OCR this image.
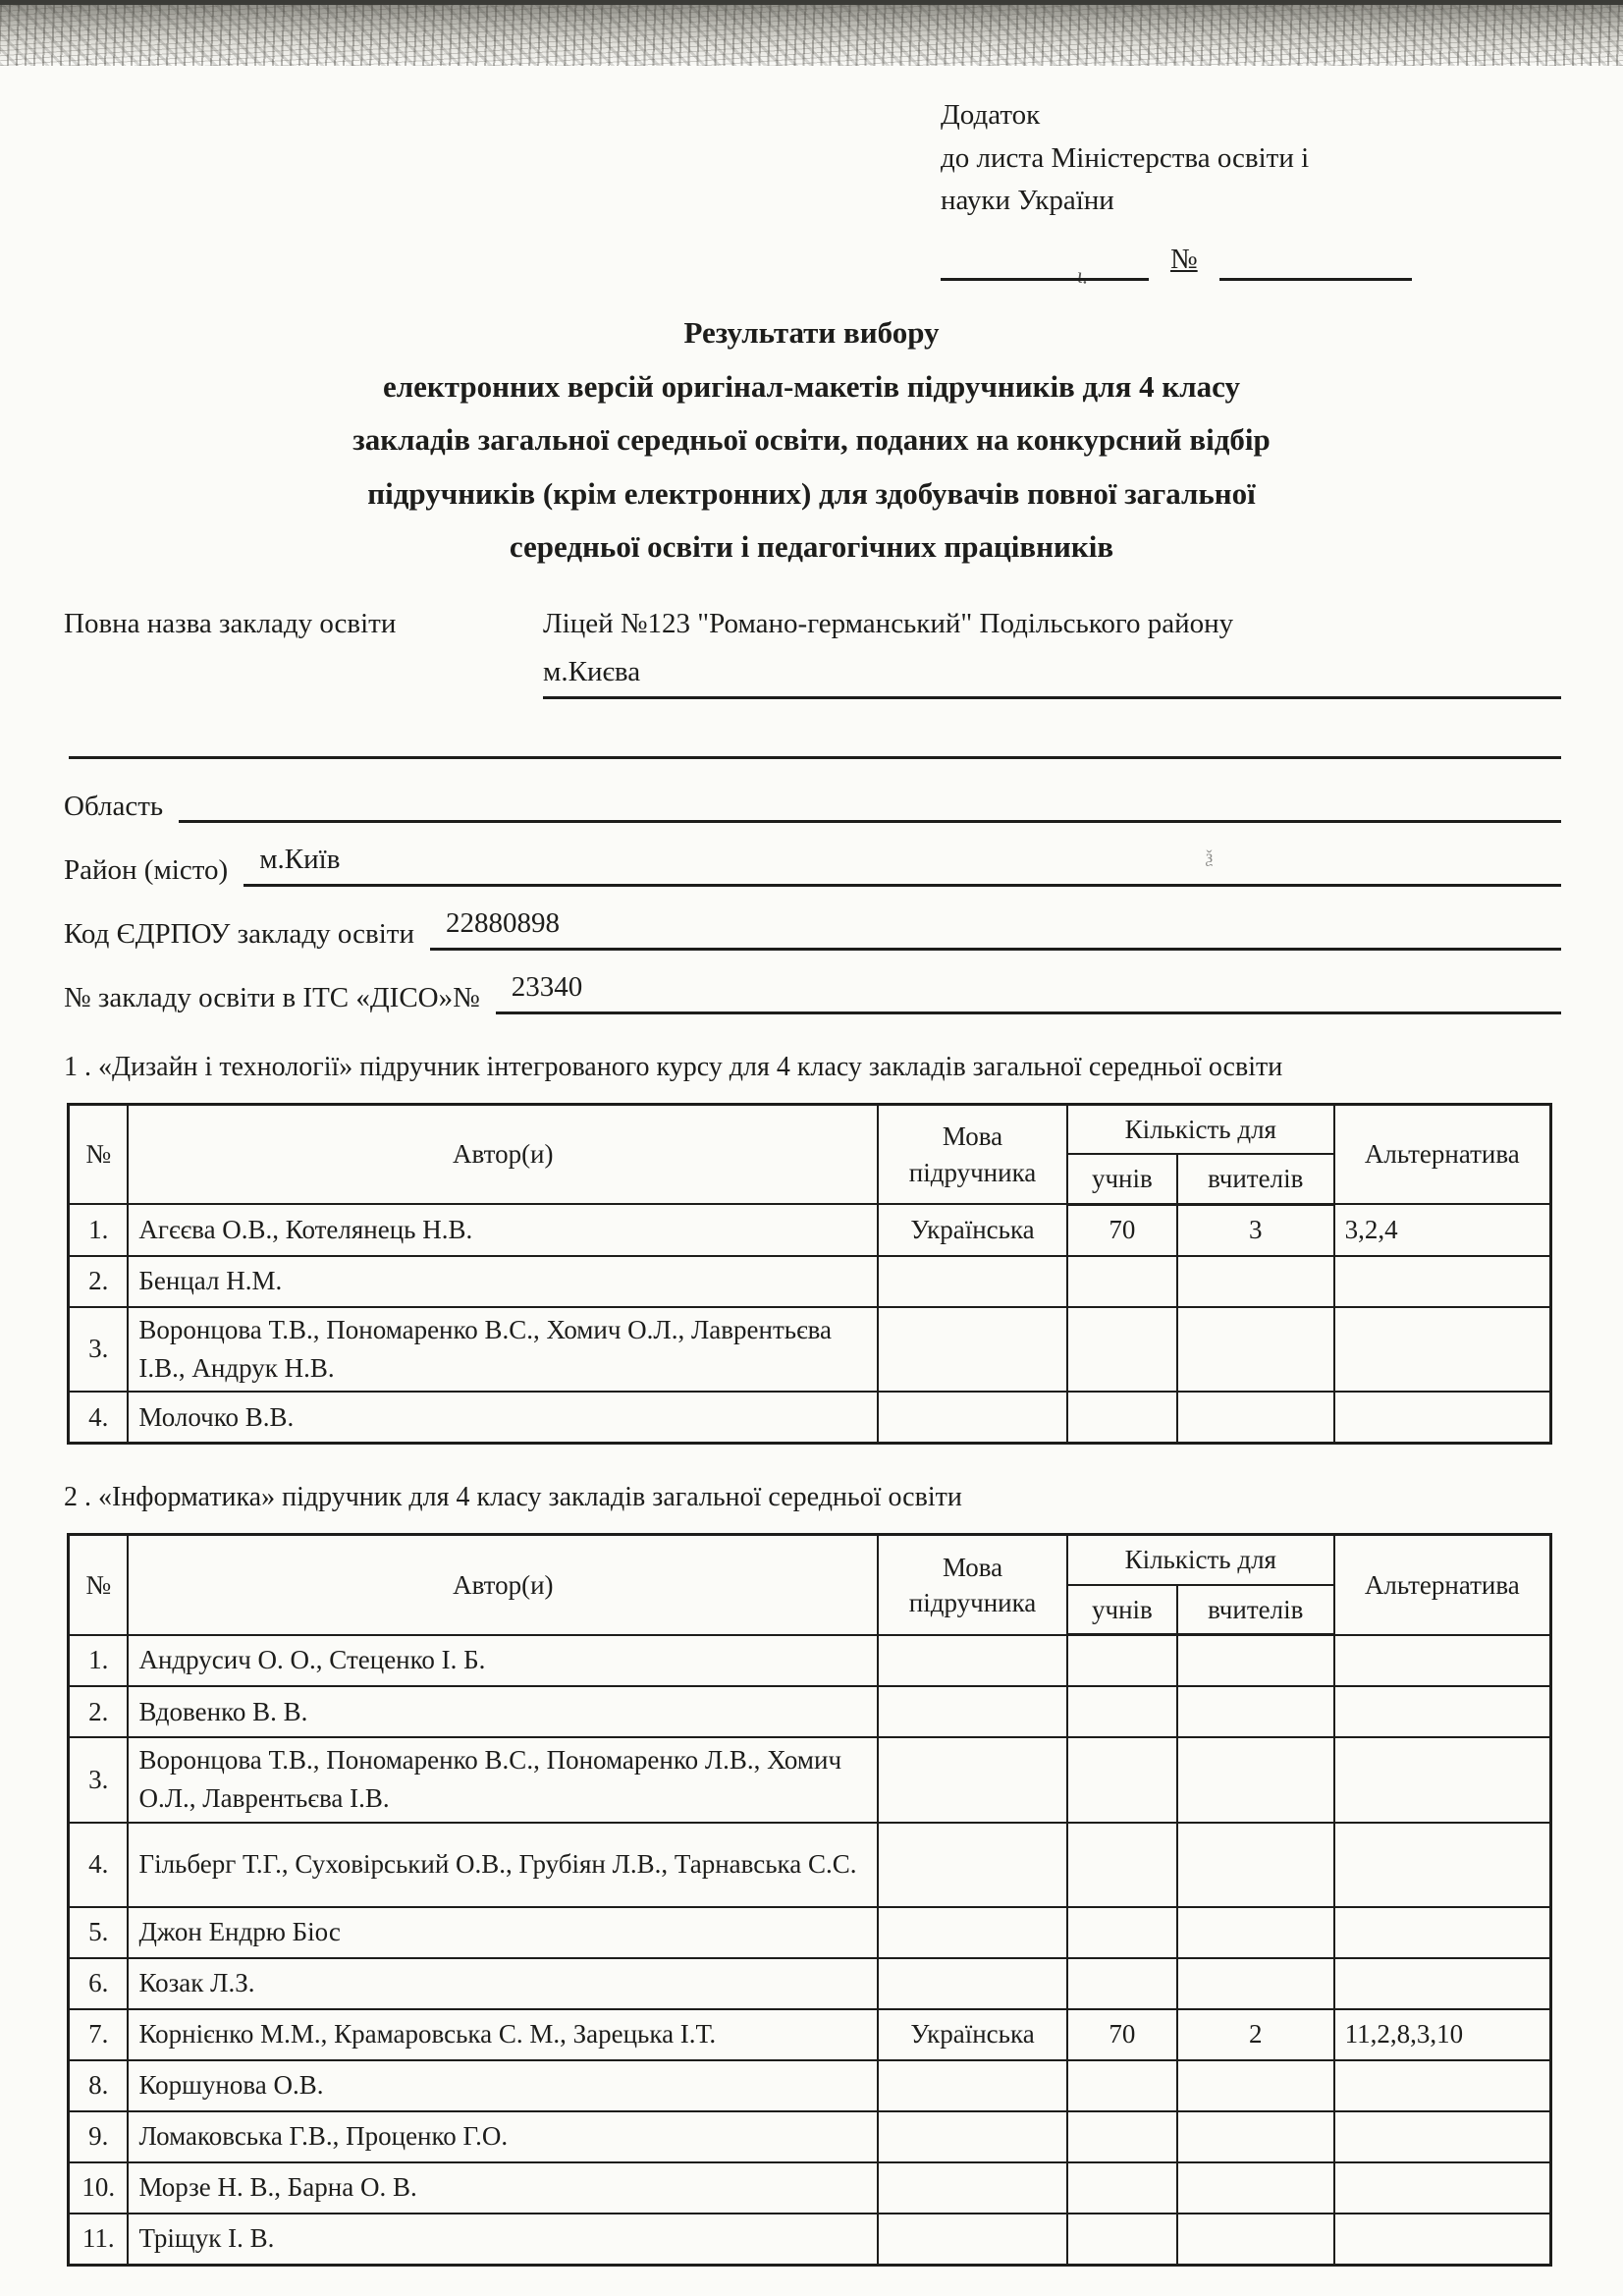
ɩ.
ѯ
Додаток
до листа Міністерства освіти і
науки України
№
Результати вибору
електронних версій оригінал-макетів підручників для 4 класу
закладів загальної середньої освіти, поданих на конкурсний відбір
підручників (крім електронних) для здобувачів повної загальної
середньої освіти і педагогічних працівників
Повна назва закладу освіти	Ліцей №123 "Романо-германський" Подільського району
м.Києва
Область
Район (місто)	м.Київ
Код ЄДРПОУ закладу освіти	22880898
№ закладу освіти в ІТС «ДІСО»№	23340
1 . «Дизайн і технології» підручник інтегрованого курсу для 4 класу закладів загальної середньої освіти
№	Автор(и)	Мова підручника	Кількість для		Альтернатива
			учнів	вчителів	
1.	Агєєва О.В., Котелянець Н.В.	Українська	70	3	3,2,4
2.	Бенцал Н.М.				
3.	Воронцова Т.В., Пономаренко В.С., Хомич О.Л., Лаврентьєва І.В., Андрук Н.В.				
4.	Молочко В.В.				
2 . «Інформатика» підручник для 4 класу закладів загальної середньої освіти
№	Автор(и)	Мова підручника	Кількість для		Альтернатива
			учнів	вчителів	
1.	Андрусич О. О., Стеценко І. Б.				
2.	Вдовенко В. В.				
3.	Воронцова Т.В., Пономаренко В.С., Пономаренко Л.В., Хомич О.Л., Лаврентьєва І.В.				
4.	Гільберг Т.Г., Суховірський О.В., Грубіян Л.В., Тарнавська С.С.				
5.	Джон Ендрю Біос				
6.	Козак Л.З.				
7.	Корнієнко М.М., Крамаровська С. М., Зарецька І.Т.	Українська	70	2	11,2,8,3,10
8.	Коршунова О.В.				
9.	Ломаковська Г.В., Проценко Г.О.				
10.	Морзе Н. В., Барна О. В.				
11.	Тріщук І. В.				
